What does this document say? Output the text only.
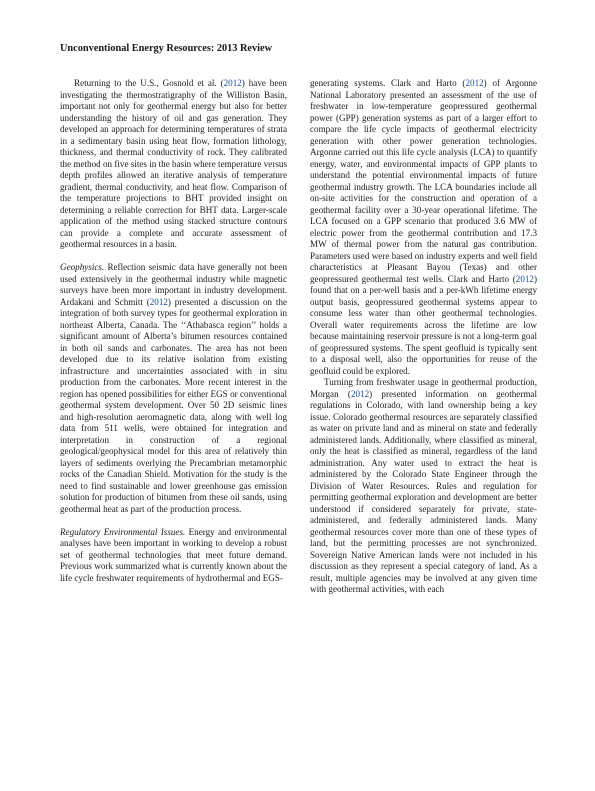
Unconventional Energy Resources: 2013 Review

Returning to the U.S., Gosnold et al. (2012) have been investigating the thermostratigraphy of the Williston Basin, important not only for geothermal energy but also for better understanding the history of oil and gas generation. They developed an approach for determining temperatures of strata in a sedimentary basin using heat flow, formation lithology, thickness, and thermal conductivity of rock. They calibrated the method on five sites in the basin where temperature versus depth profiles allowed an iterative analysis of temperature gradient, thermal conductivity, and heat flow. Comparison of the temperature projections to BHT provided insight on determining a reliable correction for BHT data. Larger-scale application of the method using stacked structure contours can provide a complete and accurate assessment of geothermal resources in a basin.

Geophysics. Reflection seismic data have generally not been used extensively in the geothermal industry while magnetic surveys have been more important in industry development. Ardakani and Schmitt (2012) presented a discussion on the integration of both survey types for geothermal exploration in northeast Alberta, Canada. The ‘‘Athabasca region’’ holds a significant amount of Alberta’s bitumen resources contained in both oil sands and carbonates. The area has not been developed due to its relative isolation from existing infrastructure and uncertainties associated with in situ production from the carbonates. More recent interest in the region has opened possibilities for either EGS or conventional geothermal system development. Over 50 2D seismic lines and high-resolution aeromagnetic data, along with well log data from 511 wells, were obtained for integration and interpretation in construction of a regional geological/geophysical model for this area of relatively thin layers of sediments overlying the Precambrian metamorphic rocks of the Canadian Shield. Motivation for the study is the need to find sustainable and lower greenhouse gas emission solution for production of bitumen from these oil sands, using geothermal heat as part of the production process.

Regulatory Environmental Issues. Energy and environmental analyses have been important in working to develop a robust set of geothermal technologies that meet future demand. Previous work summarized what is currently known about the life cycle freshwater requirements of hydrothermal and EGS-

generating systems. Clark and Harto (2012) of Argonne National Laboratory presented an assessment of the use of freshwater in low-temperature geopressured geothermal power (GPP) generation systems as part of a larger effort to compare the life cycle impacts of geothermal electricity generation with other power generation technologies. Argonne carried out this life cycle analysis (LCA) to quantify energy, water, and environmental impacts of GPP plants to understand the potential environmental impacts of future geothermal industry growth. The LCA boundaries include all on-site activities for the construction and operation of a geothermal facility over a 30-year operational lifetime. The LCA focused on a GPP scenario that produced 3.6 MW of electric power from the geothermal contribution and 17.3 MW of thermal power from the natural gas contribution. Parameters used were based on industry experts and well field characteristics at Pleasant Bayou (Texas) and other geopressured geothermal test wells. Clark and Harto (2012) found that on a per-well basis and a per-kWh lifetime energy output basis, geopressured geothermal systems appear to consume less water than other geothermal technologies. Overall water requirements across the lifetime are low because maintaining reservoir pressure is not a long-term goal of geopressured systems. The spent geofluid is typically sent to a disposal well, also the opportunities for reuse of the geofluid could be explored.

Turning from freshwater usage in geothermal production, Morgan (2012) presented information on geothermal regulations in Colorado, with land ownership being a key issue. Colorado geothermal resources are separately classified as water on private land and as mineral on state and federally administered lands. Additionally, where classified as mineral, only the heat is classified as mineral, regardless of the land administration. Any water used to extract the heat is administered by the Colorado State Engineer through the Division of Water Resources. Rules and regulation for permitting geothermal exploration and development are better understood if considered separately for private, state-administered, and federally administered lands. Many geothermal resources cover more than one of these types of land, but the permitting processes are not synchronized. Sovereign Native American lands were not included in his discussion as they represent a special category of land. As a result, multiple agencies may be involved at any given time with geothermal activities, with each
